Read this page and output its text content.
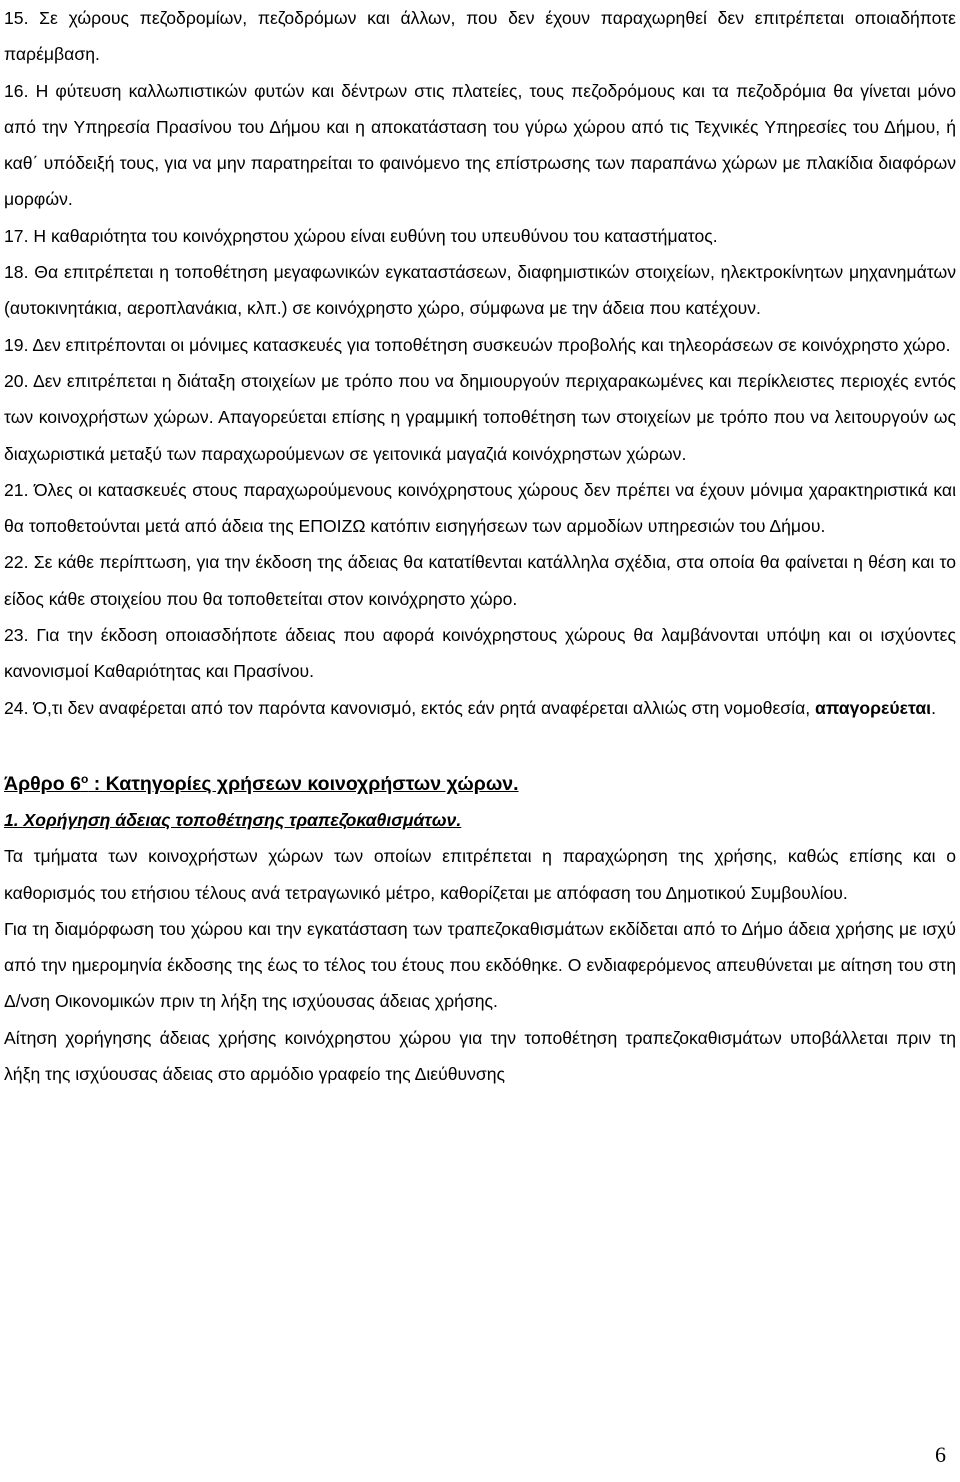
15. Σε χώρους πεζοδρομίων, πεζοδρόμων και άλλων, που δεν έχουν παραχωρηθεί δεν επιτρέπεται οποιαδήποτε παρέμβαση.

16. Η φύτευση καλλωπιστικών φυτών και δέντρων στις πλατείες, τους πεζοδρόμους και τα πεζοδρόμια θα γίνεται μόνο από την Υπηρεσία Πρασίνου του Δήμου και η αποκατάσταση του γύρω χώρου από τις Τεχνικές Υπηρεσίες του Δήμου, ή καθ΄ υπόδειξή τους, για να μην παρατηρείται το φαινόμενο της επίστρωσης των παραπάνω χώρων με πλακίδια διαφόρων μορφών.

17. Η καθαριότητα του κοινόχρηστου χώρου είναι ευθύνη του υπευθύνου του καταστήματος.

18. Θα επιτρέπεται η τοποθέτηση μεγαφωνικών εγκαταστάσεων, διαφημιστικών στοιχείων, ηλεκτροκίνητων μηχανημάτων (αυτοκινητάκια, αεροπλανάκια, κλπ.) σε κοινόχρηστο χώρο, σύμφωνα με την άδεια που κατέχουν.

19. Δεν επιτρέπονται οι μόνιμες κατασκευές για τοποθέτηση συσκευών προβολής και τηλεοράσεων σε κοινόχρηστο χώρο.

20. Δεν επιτρέπεται η διάταξη στοιχείων με τρόπο που να δημιουργούν περιχαρακωμένες και περίκλειστες περιοχές εντός των κοινοχρήστων χώρων. Απαγορεύεται επίσης η γραμμική τοποθέτηση των στοιχείων με τρόπο που να λειτουργούν ως διαχωριστικά μεταξύ των παραχωρούμενων σε γειτονικά μαγαζιά κοινόχρηστων χώρων.

21. Όλες οι κατασκευές στους παραχωρούμενους κοινόχρηστους χώρους δεν πρέπει να έχουν μόνιμα χαρακτηριστικά και θα τοποθετούνται μετά από άδεια της ΕΠΟΙΖΩ κατόπιν εισηγήσεων των αρμοδίων υπηρεσιών του Δήμου.

22. Σε κάθε περίπτωση, για την έκδοση της άδειας θα κατατίθενται κατάλληλα σχέδια, στα οποία θα φαίνεται η θέση και το είδος κάθε στοιχείου που θα τοποθετείται στον κοινόχρηστο χώρο.

23. Για την έκδοση οποιασδήποτε άδειας που αφορά κοινόχρηστους χώρους θα λαμβάνονται υπόψη και οι ισχύοντες κανονισμοί Καθαριότητας και Πρασίνου.

24. Ό,τι δεν αναφέρεται από τον παρόντα κανονισμό, εκτός εάν ρητά αναφέρεται αλλιώς στη νομοθεσία, απαγορεύεται.

Άρθρο $6^o$ : Κατηγορίες χρήσεων κοινοχρήστων χώρων.

1. Χορήγηση άδειας τοποθέτησης τραπεζοκαθισμάτων.

Τα τμήματα των κοινοχρήστων χώρων των οποίων επιτρέπεται η παραχώρηση της χρήσης, καθώς επίσης και ο καθορισμός του ετήσιου τέλους ανά τετραγωνικό μέτρο, καθορίζεται με απόφαση του Δημοτικού Συμβουλίου.

Για τη διαμόρφωση του χώρου και την εγκατάσταση των τραπεζοκαθισμάτων εκδίδεται από το Δήμο άδεια χρήσης με ισχύ από την ημερομηνία έκδοσης της έως το τέλος του έτους που εκδόθηκε. Ο ενδιαφερόμενος απευθύνεται με αίτηση του στη Δ/νση Οικονομικών πριν τη λήξη της ισχύουσας άδειας χρήσης.

Αίτηση χορήγησης άδειας χρήσης κοινόχρηστου χώρου για την τοποθέτηση τραπεζοκαθισμάτων υποβάλλεται πριν τη λήξη της ισχύουσας άδειας στο αρμόδιο γραφείο της Διεύθυνσης

6
